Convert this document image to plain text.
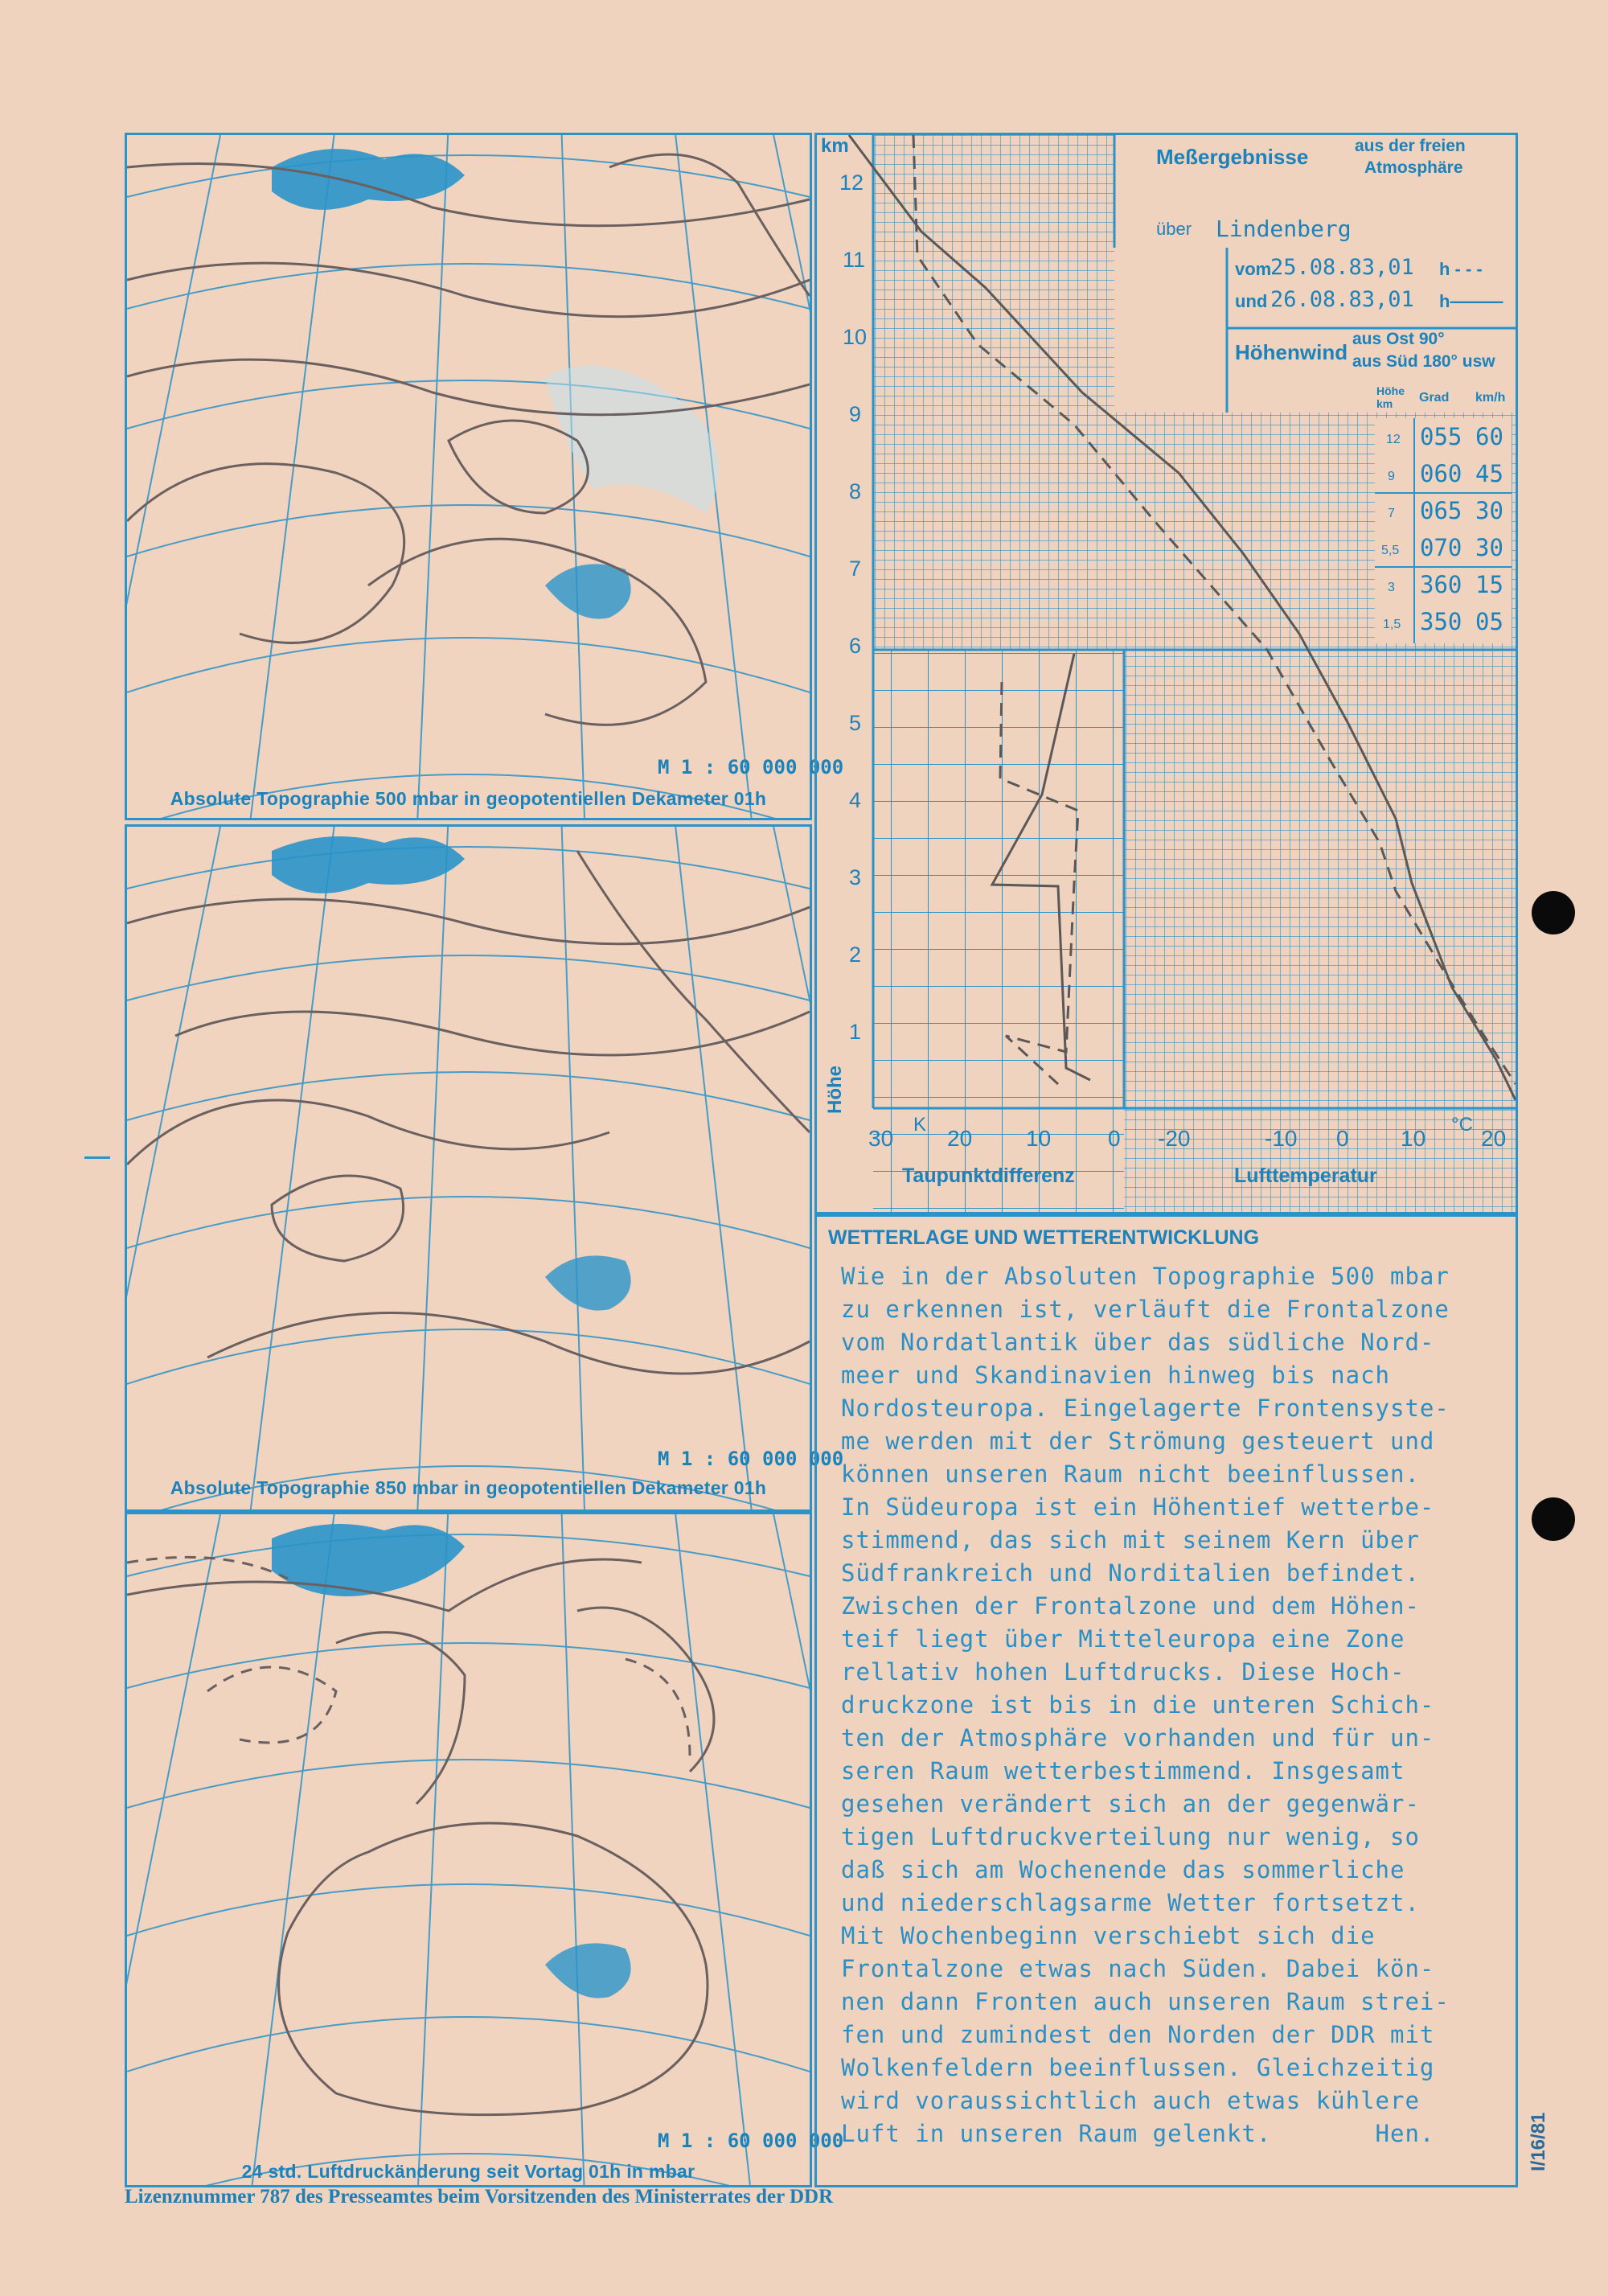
M 1 : 60 000 000
Absolute Topographie 500 mbar in geopotentiellen Dekameter 01h
M 1 : 60 000 000
Absolute Topographie 850 mbar in geopotentiellen Dekameter 01h
M 1 : 60 000 000
24 std. Luftdruckänderung seit Vortag 01h in mbar
km
12
11
10
9
8
7
6
5
4
3
2
1
Höhe
Meßergebnisse	aus der freien
Atmosphäre
über Lindenberg
vom
25.08.83,01 h - - -
und 26.08.83,01 h———
Höhenwind
aus Ost 90°
aus Süd 180° usw
Höhe km	Grad km/h
12 055 60
9 060 45
7 065 30
5,5 070 30
3 360 15
1,5 350 05
30
K
20 10	0 -20	-10 0 10
°C
20
Taupunktdifferenz	Lufttemperatur
WETTERLAGE UND WETTERENTWICKLUNG
Wie in der Absoluten Topographie 500 mbar
zu erkennen ist, verläuft die Frontalzone
vom Nordatlantik über das südliche Nord-
meer und Skandinavien hinweg bis nach
Nordosteuropa. Eingelagerte Frontensyste-
me werden mit der Strömung gesteuert und
können unseren Raum nicht beeinflussen.
In Südeuropa ist ein Höhentief wetterbe-
stimmend, das sich mit seinem Kern über
Südfrankreich und Norditalien befindet.
Zwischen der Frontalzone und dem Höhen-
teif liegt über Mitteleuropa eine Zone
rellativ hohen Luftdrucks. Diese Hoch-
druckzone ist bis in die unteren Schich-
ten der Atmosphäre vorhanden und für un-
seren Raum wetterbestimmend. Insgesamt
gesehen verändert sich an der gegenwär-
tigen Luftdruckverteilung nur wenig, so
daß sich am Wochenende das sommerliche
und niederschlagsarme Wetter fortsetzt.
Mit Wochenbeginn verschiebt sich die
Frontalzone etwas nach Süden. Dabei kön-
nen dann Fronten auch unseren Raum strei-
fen und zumindest den Norden der DDR mit
Wolkenfeldern beeinflussen. Gleichzeitig
wird voraussichtlich auch etwas kühlere
Luft in unseren Raum gelenkt.       Hen.
Lizenznummer 787 des Presseamtes beim Vorsitzenden des Ministerrates der DDR
I/16/81
